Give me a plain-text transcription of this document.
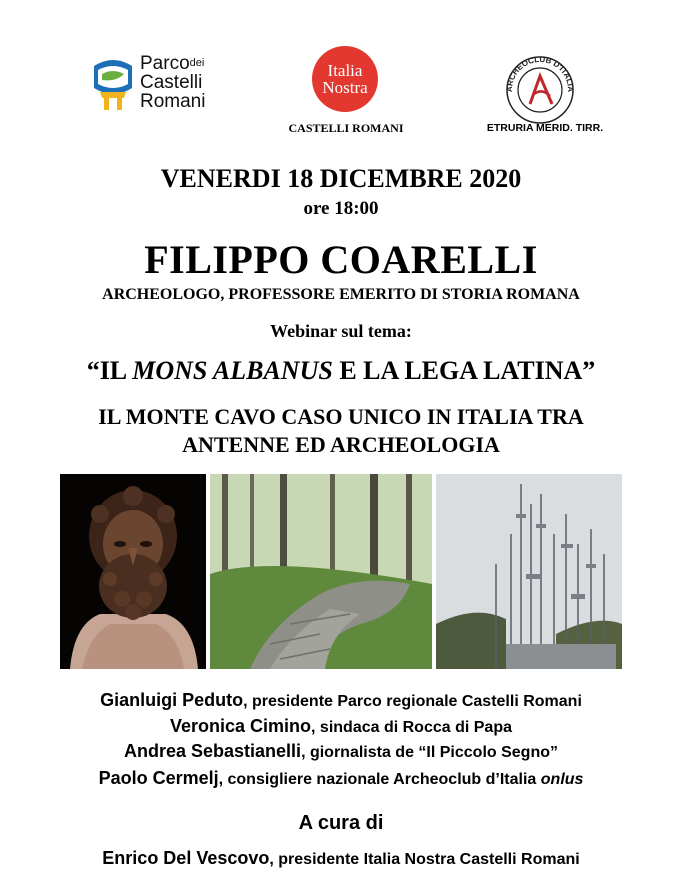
Parco$^{dei}$
Castelli
Romani
Italia
Nostra
CASTELLI ROMANI
ARCHEOCLUB D'ITALIA
ETRURIA MERID. TIRR.
VENERDI 18 DICEMBRE 2020
ore 18:00
FILIPPO COARELLI
ARCHEOLOGO, PROFESSORE EMERITO DI STORIA ROMANA
Webinar sul tema:
“IL MONS ALBANUS E LA LEGA LATINA”
IL MONTE CAVO CASO UNICO IN ITALIA TRA
ANTENNE ED ARCHEOLOGIA
Gianluigi Peduto, presidente Parco regionale Castelli Romani
Veronica Cimino, sindaca di Rocca di Papa
Andrea Sebastianelli, giornalista de “Il Piccolo Segno”
Paolo Cermelj, consigliere nazionale Archeoclub d’Italia onlus
A cura di
Enrico Del Vescovo, presidente Italia Nostra Castelli Romani
